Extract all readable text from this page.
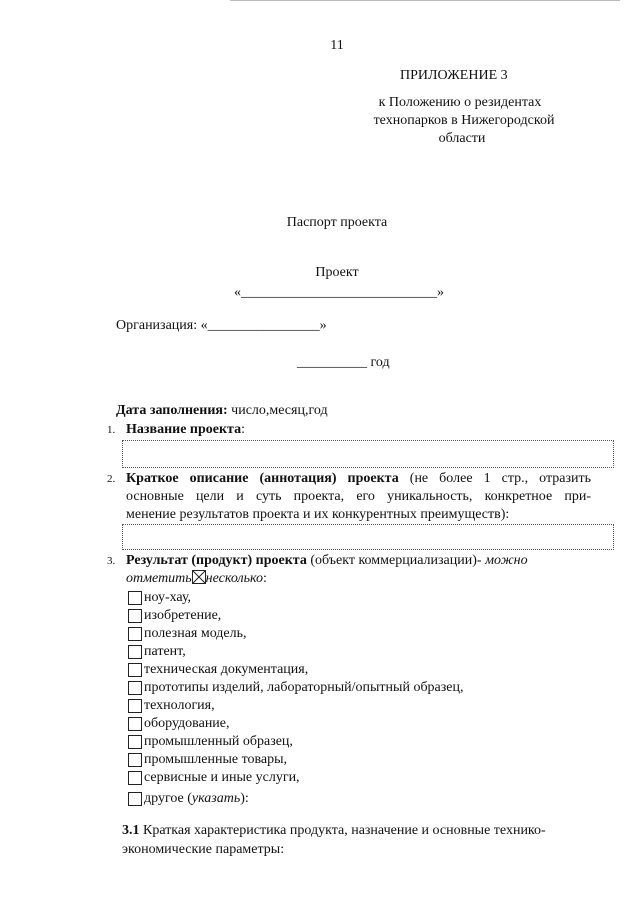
11
ПРИЛОЖЕНИЕ 3
к Положению о резидентах
технопарков в Нижегородской
области
Паспорт проекта
Проект
«____________________________»
Организация: «________________»
__________ год
Дата заполнения: число,месяц,год
1. Название проекта:
2. Краткое описание (аннотация) проекта (не более 1 стр., отразить
основные цели и суть проекта, его уникальность, конкретное при-
менение результатов проекта и их конкурентных преимуществ):
3. Результат (продукт) проекта (объект коммерциализации)- можно
отметить несколько:
ноу-хау,
изобретение,
полезная модель,
патент,
техническая документация,
прототипы изделий, лабораторный/опытный образец,
технология,
оборудование,
промышленный образец,
промышленные товары,
сервисные и иные услуги,
другое (указать):
3.1 Краткая характеристика продукта, назначение и основные технико-
экономические параметры:
